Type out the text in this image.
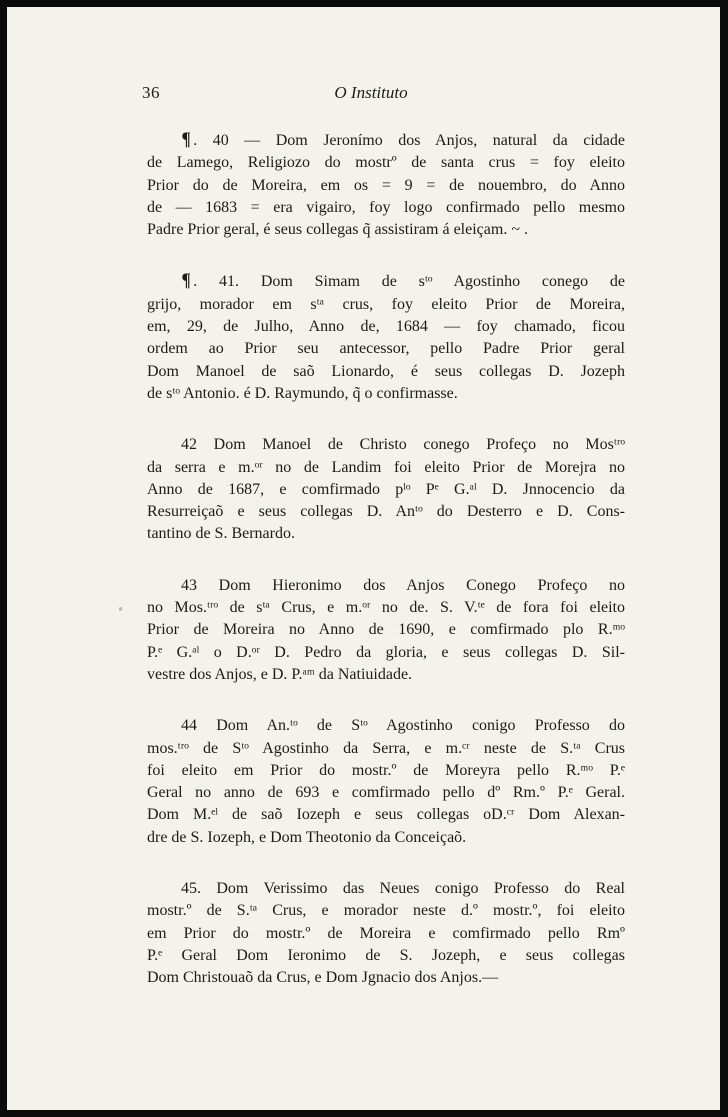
36	O Instituto

¶ . 40 — Dom Jeronímo dos Anjos, natural da cidade
de Lamego, Religiozo do mostrº de santa crus = foy eleito
Prior do de Moreira, em os = 9 = de nouembro, do Anno
de — 1683 = era vigairo, foy logo confirmado pello mesmo
Padre Prior geral, é seus collegas q̃ assistiram á eleiçam. ~ .

¶ . 41. Dom Simam de sᵗᵒ Agostinho conego de
grijo, morador em sᵗᵃ crus, foy eleito Prior de Moreira,
em, 29, de Julho, Anno de, 1684 — foy chamado, ficou
ordem ao Prior seu antecessor, pello Padre Prior geral
Dom Manoel de saõ Lionardo, é seus collegas D. Jozeph
de sᵗᵒ Antonio. é D. Raymundo, q̃ o confirmasse.

42 Dom Manoel de Christo conego Profeço no Mosᵗʳᵒ
da serra e m.ᵒʳ no de Landim foi eleito Prior de Morejra no
Anno de 1687, e comfirmado pˡᵒ Pᵉ G.ᵃˡ D. Jnnocencio da
Resurreiçaõ e seus collegas D. Anᵗᵒ do Desterro e D. Cons-
tantino de S. Bernardo.

43 Dom Hieronimo dos Anjos Conego Profeço no
no Mos.ᵗʳᵒ de sᵗᵃ Crus, e m.ᵒʳ no de. S. V.ᵗᵉ de fora foi eleito
Prior de Moreira no Anno de 1690, e comfirmado plo R.ᵐᵒ
P.ᵉ G.ᵃˡ o D.ᵒʳ D. Pedro da gloria, e seus collegas D. Sil-
vestre dos Anjos, e D. P.ᵃᵐ da Natiuidade.

44 Dom An.ᵗᵒ de Sᵗᵒ Agostinho conigo Professo do
mos.ᵗʳᵒ de Sᵗᵒ Agostinho da Serra, e m.ᶜʳ neste de S.ᵗᵃ Crus
foi eleito em Prior do mostr.º de Moreyra pello R.ᵐᵒ P.ᵉ
Geral no anno de 693 e comfirmado pello dº Rm.º P.ᵉ Geral.
Dom M.ᵉˡ de saõ Iozeph e seus collegas oD.ᶜʳ Dom Alexan-
dre de S. Iozeph, e Dom Theotonio da Conceiçaõ.

45. Dom Verissimo das Neues conigo Professo do Real
mostr.º de S.ᵗᵃ Crus, e morador neste d.º mostr.º, foi eleito
em Prior do mostr.º de Moreira e comfirmado pello Rmº
P.ᵉ Geral Dom Ieronimo de S. Jozeph, e seus collegas
Dom Christouaõ da Crus, e Dom Jgnacio dos Anjos.—
